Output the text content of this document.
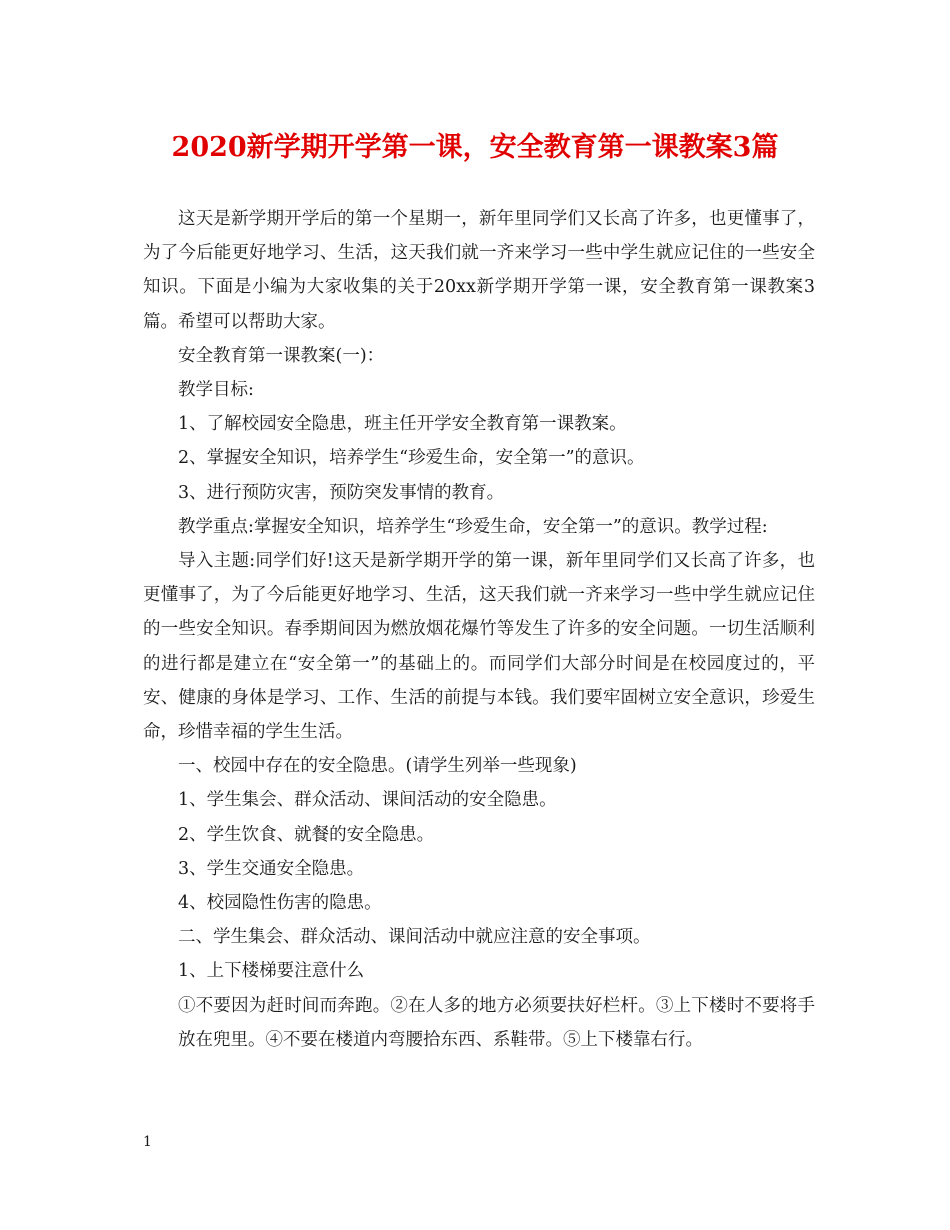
2020新学期开学第一课，安全教育第一课教案3篇

这天是新学期开学后的第一个星期一，新年里同学们又长高了许多，也更懂事了，为了今后能更好地学习、生活，这天我们就一齐来学习一些中学生就应记住的一些安全知识。下面是小编为大家收集的关于20xx新学期开学第一课，安全教育第一课教案3篇。希望可以帮助大家。

安全教育第一课教案(一)：

教学目标:

1、了解校园安全隐患，班主任开学安全教育第一课教案。

2、掌握安全知识，培养学生“珍爱生命，安全第一”的意识。

3、进行预防灾害，预防突发事情的教育。

教学重点:掌握安全知识，培养学生“珍爱生命，安全第一”的意识。教学过程:

导入主题:同学们好!这天是新学期开学的第一课，新年里同学们又长高了许多，也更懂事了，为了今后能更好地学习、生活，这天我们就一齐来学习一些中学生就应记住的一些安全知识。春季期间因为燃放烟花爆竹等发生了许多的安全问题。一切生活顺利的进行都是建立在“安全第一”的基础上的。而同学们大部分时间是在校园度过的，平安、健康的身体是学习、工作、生活的前提与本钱。我们要牢固树立安全意识，珍爱生命，珍惜幸福的学生生活。

一、校园中存在的安全隐患。(请学生列举一些现象)

1、学生集会、群众活动、课间活动的安全隐患。

2、学生饮食、就餐的安全隐患。

3、学生交通安全隐患。

4、校园隐性伤害的隐患。

二、学生集会、群众活动、课间活动中就应注意的安全事项。

1、上下楼梯要注意什么

①不要因为赶时间而奔跑。②在人多的地方必须要扶好栏杆。③上下楼时不要将手放在兜里。④不要在楼道内弯腰拾东西、系鞋带。⑤上下楼靠右行。

1
